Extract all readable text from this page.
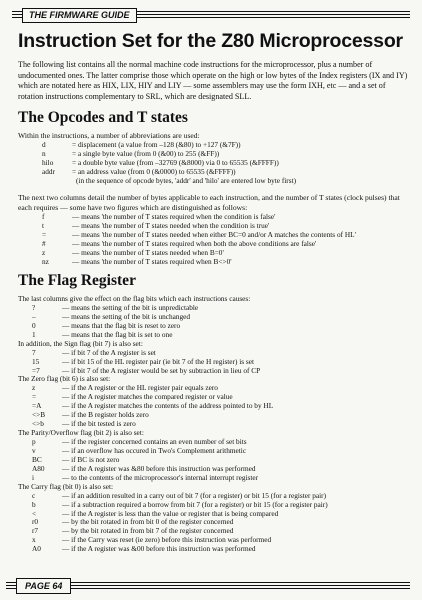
THE FIRMWARE GUIDE
Instruction Set for the Z80 Microprocessor
The following list contains all the normal machine code instructions for the microprocessor, plus a number of undocumented ones. The latter comprise those which operate on the high or low bytes of the Index registers (IX and IY) which are notated here as HIX, LIX, HIY and LIY — some assemblers may use the form IXH, etc — and a set of rotation instructions complementary to SRL, which are designated SLL.
The Opcodes and T states
Within the instructions, a number of abbreviations are used:
d	= displacement (a value from –128 (&80) to +127 (&7F))
n	= a single byte value (from 0 (&00) to 255 (&FF))
hilo	= a double byte value (from –32769 (&8000) via 0 to 65535 (&FFFF))
addr = an address value (from 0 (&0000) to 65535 (&FFFF))
(in the sequence of opcode bytes, 'addr' and 'hilo' are entered low byte first)
The next two columns detail the number of bytes applicable to each instruction, and the number of T states (clock pulses) that each requires — some have two figures which are distinguished as follows:
f	— means 'the number of T states required when the condition is false'
t	— means 'the number of T states needed when the condition is true'
=	— means 'the number of T states needed when either BC=0 and/or A matches the contents of HL'
#	— means 'the number of T states required when both the above conditions are false'
z	— means 'the number of T states needed when B=0'
nz	— means 'the number of T states required when B<>0'
The Flag Register
The last columns give the effect on the flag bits which each instructions causes:
?	— means the setting of the bit is unpredictable
–	— means the setting of the bit is unchanged
0	— means that the flag bit is reset to zero
1	— means that the flag bit is set to one
In addition, the Sign flag (bit 7) is also set:
7	— if bit 7 of the A register is set
15	— if bit 15 of the HL register pair (ie bit 7 of the H register) is set
=7	— if bit 7 of the A register would be set by subtraction in lieu of CP
The Zero flag (bit 6) is also set:
z	— if the A register or the HL register pair equals zero
=	— if the A register matches the compared register or value
=A	— if the A register matches the contents of the address pointed to by HL
<>B — if the B register holds zero
<>b — if the bit tested is zero
The Parity/Overflow flag (bit 2) is also set:
p	— if the register concerned contains an even number of set bits
v	— if an overflow has occured in Two's Complement arithmetic
BC	— if BC is not zero
A80 — if the A register was &80 before this instruction was performed
i	— to the contents of the microprocessor's internal interrupt register
The Carry flag (bit 0) is also set:
c	— if an addition resulted in a carry out of bit 7 (for a register) or bit 15 (for a register pair)
b	— if a subtraction required a borrow from bit 7 (for a register) or bit 15 (for a register pair)
<	— if the A register is less than the value or register that is being compared
r0	— by the bit rotated in from bit 0 of the register concerned
r7	— by the bit rotated in from bit 7 of the register concerned
x	— if the Carry was reset (ie zero) before this instruction was performed
A0	— if the A register was &00 before this instruction was performed
PAGE 64
